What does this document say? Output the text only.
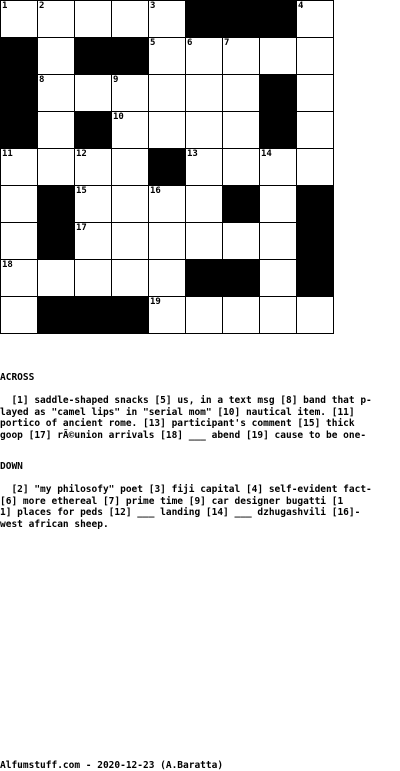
1	2	3	4
5	6	7
8	9
10
11	12	13	14
15	16
17
18
19

ACROSS

[1] saddle-shaped snacks [5] us, in a text msg [8] band that p-
layed as "camel lips" in "serial mom" [10] nautical item. [11]
portico of ancient rome. [13] participant's comment [15] thick
goop [17] rÃ©union arrivals [18] ___ abend [19] cause to be one-

DOWN

[2] "my philosofy" poet [3] fiji capital [4] self-evident fact-
[6] more ethereal [7] prime time [9] car designer bugatti [1
1] places for peds [12] ___ landing [14] ___ dzhugashvili [16]-
west african sheep.

Alfumstuff.com - 2020-12-23 (A.Baratta)
